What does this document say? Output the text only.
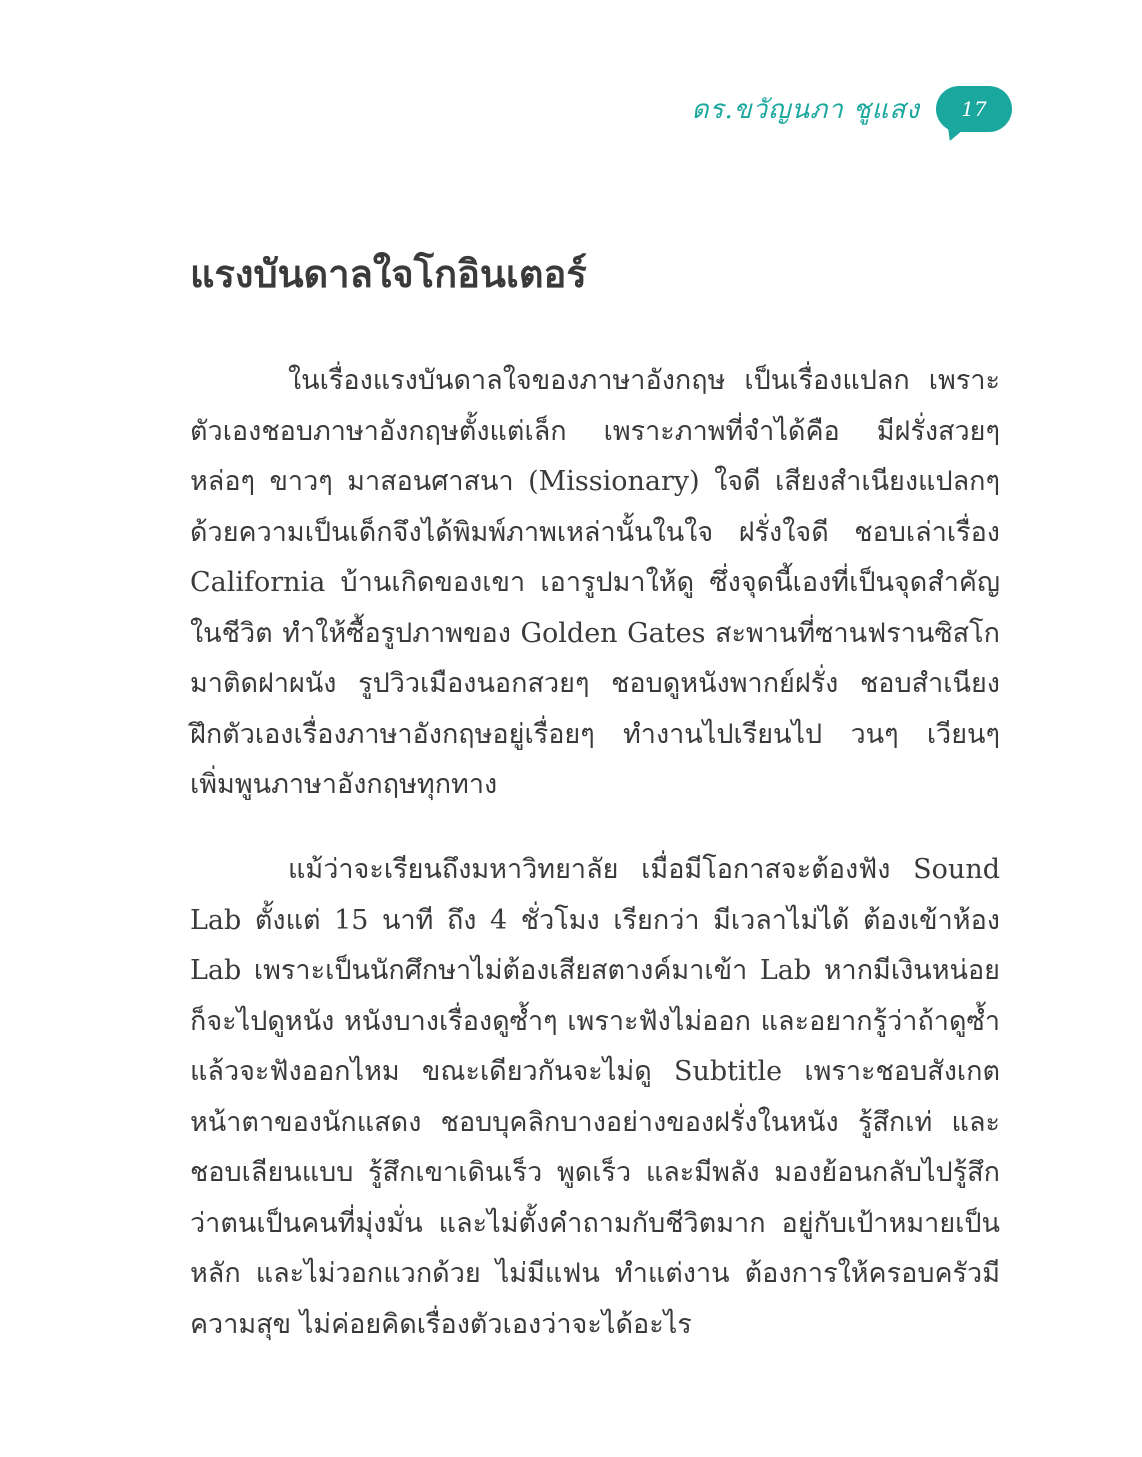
ดร.ขวัญนภา ชูแสง	17
แรงบันดาลใจโกอินเตอร์

ในเรื่องแรงบันดาลใจของภาษาอังกฤษ เป็นเรื่องแปลก เพราะตัวเองชอบภาษาอังกฤษตั้งแต่เล็ก เพราะภาพที่จำได้คือ มีฝรั่งสวยๆ หล่อๆ ขาวๆ มาสอนศาสนา (Missionary) ใจดี เสียงสำเนียงแปลกๆ ด้วยความเป็นเด็กจึงได้พิมพ์ภาพเหล่านั้นในใจ ฝรั่งใจดี ชอบเล่าเรื่อง California บ้านเกิดของเขา เอารูปมาให้ดู ซึ่งจุดนี้เองที่เป็นจุดสำคัญในชีวิต ทำให้ซื้อรูปภาพของ Golden Gates สะพานที่ซานฟรานซิสโก มาติดฝาผนัง รูปวิวเมืองนอกสวยๆ ชอบดูหนังพากย์ฝรั่ง ชอบสำเนียง ฝึกตัวเองเรื่องภาษาอังกฤษอยู่เรื่อยๆ ทำงานไปเรียนไป วนๆ เวียนๆ เพิ่มพูนภาษาอังกฤษทุกทาง

แม้ว่าจะเรียนถึงมหาวิทยาลัย เมื่อมีโอกาสจะต้องฟัง Sound Lab ตั้งแต่ 15 นาที ถึง 4 ชั่วโมง เรียกว่า มีเวลาไม่ได้ ต้องเข้าห้อง Lab เพราะเป็นนักศึกษาไม่ต้องเสียสตางค์มาเข้า Lab หากมีเงินหน่อยก็จะไปดูหนัง หนังบางเรื่องดูซ้ำๆ เพราะฟังไม่ออก และอยากรู้ว่าถ้าดูซ้ำแล้วจะฟังออกไหม ขณะเดียวกันจะไม่ดู Subtitle เพราะชอบสังเกตหน้าตาของนักแสดง ชอบบุคลิกบางอย่างของฝรั่งในหนัง รู้สึกเท่ และชอบเลียนแบบ รู้สึกเขาเดินเร็ว พูดเร็ว และมีพลัง มองย้อนกลับไปรู้สึกว่าตนเป็นคนที่มุ่งมั่น และไม่ตั้งคำถามกับชีวิตมาก อยู่กับเป้าหมายเป็นหลัก และไม่วอกแวกด้วย ไม่มีแฟน ทำแต่งาน ต้องการให้ครอบครัวมีความสุข ไม่ค่อยคิดเรื่องตัวเองว่าจะได้อะไร
